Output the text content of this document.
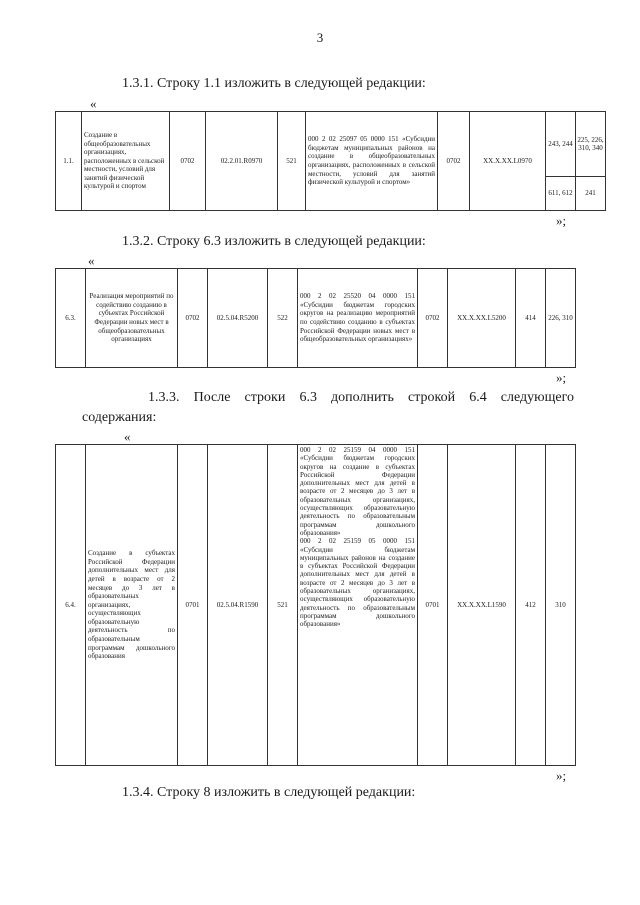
3
1.3.1. Строку 1.1 изложить в следующей редакции:
«
1.1.	Создание в общеобразовательных организациях, расположенных в сельской местности, условий для занятий физической культурой и спортом	0702	02.2.01.R0970	521	000 2 02 25097 05 0000 151 «Субсидии бюджетам муниципальных районов на создание в общеобразовательных организациях, расположенных в сельской местности, условий для занятий физической культурой и спортом»	0702	XX.X.XX.L0970	
243, 244	225, 226, 310, 340
611, 612	241
»;
1.3.2. Строку 6.3 изложить в следующей редакции:
«
6.3.	Реализация мероприятий по содействию созданию в субъектах Российской Федерации новых мест в общеобразовательных организациях	0702	02.5.04.R5200	522	000 2 02 25520 04 0000 151 «Субсидии бюджетам городских округов на реализацию мероприятий по содействию созданию в субъектах Российской Федерации новых мест в общеобразовательных организациях»	0702	XX.X.XX.L5200	414	226, 310
»;
1.3.3. После строки 6.3 дополнить строкой 6.4 следующего
содержания:
«
6.4.	Создание в субъектах Российской Федерации дополнительных мест для детей в возрасте от 2 месяцев до 3 лет в образовательных организациях, осуществляющих образовательную деятельность по образовательным программам дошкольного образования	0701	02.5.04.R1590	521	
000 2 02 25159 04 0000 151 «Субсидии бюджетам городских округов на создание в субъектах Российской Федерации дополнительных мест для детей в возрасте от 2 месяцев до 3 лет в образовательных организациях, осуществляющих образовательную деятельность по образовательным программам дошкольного образования»
000 2 02 25159 05 0000 151 «Субсидии бюджетам муниципальных районов на создание в субъектах Российской Федерации дополнительных мест для детей в возрасте от 2 месяцев до 3 лет в образовательных организациях, осуществляющих образовательную деятельность по образовательным программам дошкольного образования»
	0701	XX.X.XX.L1590	412	310
»;
1.3.4. Строку 8 изложить в следующей редакции:
